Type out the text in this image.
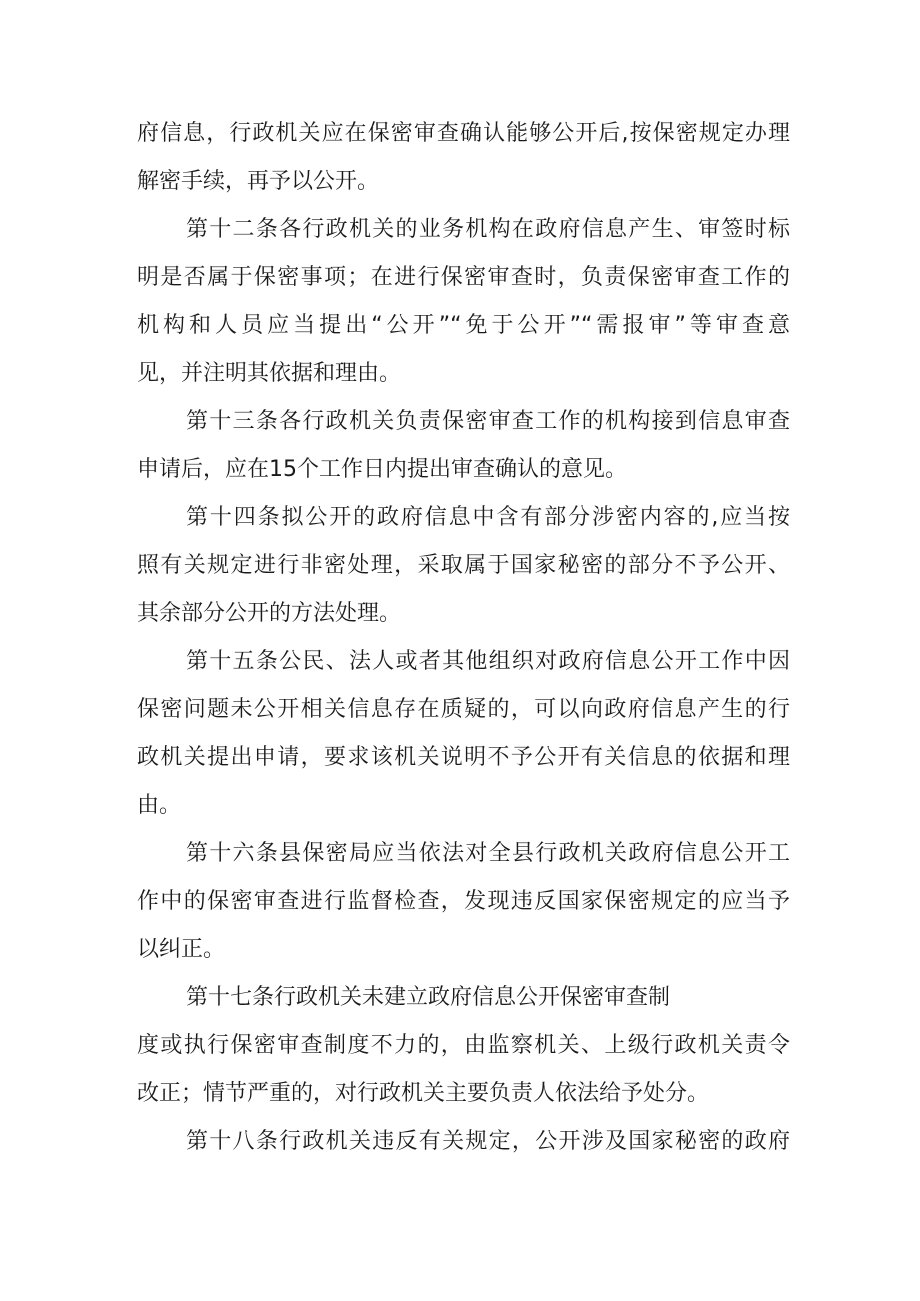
府信息，行政机关应在保密审查确认能够公开后,按保密规定办理
解密手续，再予以公开。
第十二条各行政机关的业务机构在政府信息产生、审签时标
明是否属于保密事项；在进行保密审查时，负责保密审查工作的
机构和人员应当提出“公开”“免于公开”“需报审”等审查意
见，并注明其依据和理由。
第十三条各行政机关负责保密审查工作的机构接到信息审查
申请后，应在15个工作日内提出审查确认的意见。
第十四条拟公开的政府信息中含有部分涉密内容的,应当按
照有关规定进行非密处理，采取属于国家秘密的部分不予公开、
其余部分公开的方法处理。
第十五条公民、法人或者其他组织对政府信息公开工作中因
保密问题未公开相关信息存在质疑的，可以向政府信息产生的行
政机关提出申请，要求该机关说明不予公开有关信息的依据和理
由。
第十六条县保密局应当依法对全县行政机关政府信息公开工
作中的保密审查进行监督检查，发现违反国家保密规定的应当予
以纠正。
第十七条行政机关未建立政府信息公开保密审查制
度或执行保密审查制度不力的，由监察机关、上级行政机关责令
改正；情节严重的，对行政机关主要负责人依法给予处分。
第十八条行政机关违反有关规定，公开涉及国家秘密的政府
